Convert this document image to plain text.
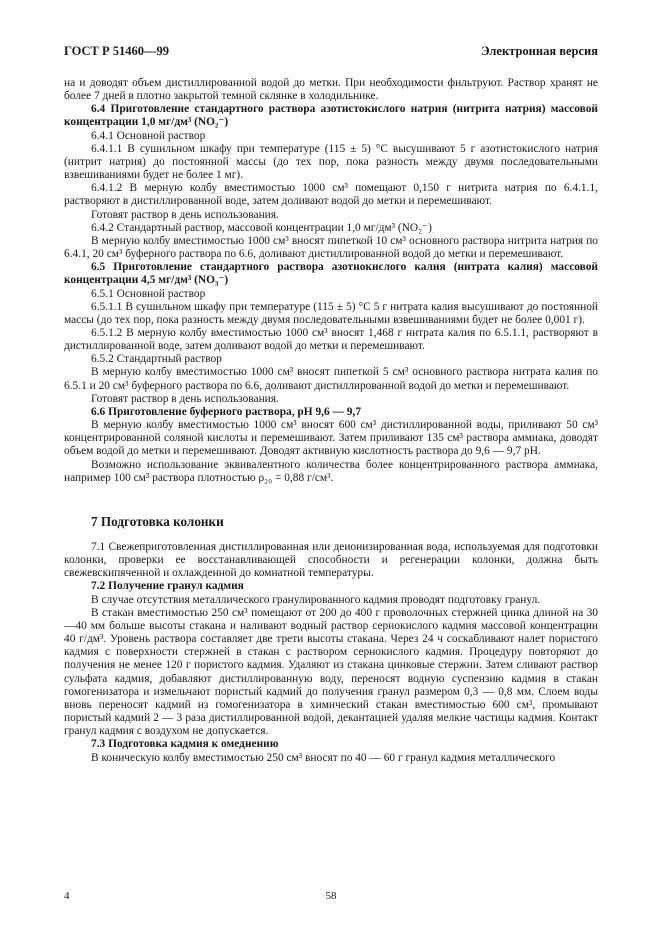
ГОСТ Р 51460—99	Электронная версия

на и доводят объем дистиллированной водой до метки. При необходимости фильтруют. Раствор хранят не более 7 дней в плотно закрытой темной склянке в холодильнике.

6.4 Приготовление стандартного раствора азотистокислого натрия (нитрита натрия) массовой концентрации 1,0 мг/дм³ (NO₂⁻)

6.4.1 Основной раствор

6.4.1.1 В сушильном шкафу при температуре (115 ± 5) °С высушивают 5 г азотистокислого натрия (нитрит натрия) до постоянной массы (до тех пор, пока разность между двумя последовательными взвешиваниями будет не более 1 мг).

6.4.1.2 В мерную колбу вместимостью 1000 см³ помещают 0,150 г нитрита натрия по 6.4.1.1, растворяют в дистиллированной воде, затем доливают водой до метки и перемешивают.

Готовят раствор в день использования.

6.4.2 Стандартный раствор, массовой концентрации 1,0 мг/дм³ (NO₂⁻)

В мерную колбу вместимостью 1000 см³ вносят пипеткой 10 см³ основного раствора нитрита натрия по 6.4.1, 20 см³ буферного раствора по 6.6, доливают дистиллированной водой до метки и перемешивают.

6.5 Приготовление стандартного раствора азотнокислого калия (нитрата калия) массовой концентрации 4,5 мг/дм³ (NO₃⁻)

6.5.1 Основной раствор

6.5.1.1 В сушильном шкафу при температуре (115 ± 5) °С 5 г нитрата калия высушивают до постоянной массы (до тех пор, пока разность между двумя последовательными взвешиваниями будет не более 0,001 г).

6.5.1.2 В мерную колбу вместимостью 1000 см³ вносят 1,468 г нитрата калия по 6.5.1.1, растворяют в дистиллированной воде, затем доливают водой до метки и перемешивают.

6.5.2 Стандартный раствор

В мерную колбу вместимостью 1000 см³ вносят пипеткой 5 см³ основного раствора нитрата калия по 6.5.1 и 20 см³ буферного раствора по 6.6, доливают дистиллированной водой до метки и перемешивают.

Готовят раствор в день использования.

6.6 Приготовление буферного раствора, pH 9,6 — 9,7

В мерную колбу вместимостью 1000 см³ вносят 600 см³ дистиллированной воды, приливают 50 см³ концентрированной соляной кислоты и перемешивают. Затем приливают 135 см³ раствора аммиака, доводят объем водой до метки и перемешивают. Доводят активную кислотность раствора до 9,6 — 9,7 pH.

Возможно использование эквивалентного количества более концентрированного раствора аммиака, например 100 см³ раствора плотностью ρ₂₀ = 0,88 г/см³.

7 Подготовка колонки

7.1 Свежеприготовленная дистиллированная или деионизированная вода, используемая для подготовки колонки, проверки ее восстанавливающей способности и регенерации колонки, должна быть свежевскипяченной и охлажденной до комнатной температуры.

7.2 Получение гранул кадмия

В случае отсутствия металлического гранулированного кадмия проводят подготовку гранул.

В стакан вместимостью 250 см³ помещают от 200 до 400 г проволочных стержней цинка длиной на 30—40 мм больше высоты стакана и наливают водный раствор сернокислого кадмия массовой концентрации 40 г/дм³. Уровень раствора составляет две трети высоты стакана. Через 24 ч соскабливают налет пористого кадмия с поверхности стержней в стакан с раствором сернокислого кадмия. Процедуру повторяют до получения не менее 120 г пористого кадмия. Удаляют из стакана цинковые стержни. Затем сливают раствор сульфата кадмия, добавляют дистиллированную воду, переносят водную суспензию кадмия в стакан гомогенизатора и измельчают пористый кадмий до получения гранул размером 0,3 — 0,8 мм. Слоем воды вновь переносят кадмий из гомогенизатора в химический стакан вместимостью 600 см³, промывают пористый кадмий 2 — 3 раза дистиллированной водой, декантацией удаляя мелкие частицы кадмия. Контакт гранул кадмия с воздухом не допускается.

7.3 Подготовка кадмия к омеднению

В коническую колбу вместимостью 250 см³ вносят по 40 — 60 г гранул кадмия металлического

4	58
